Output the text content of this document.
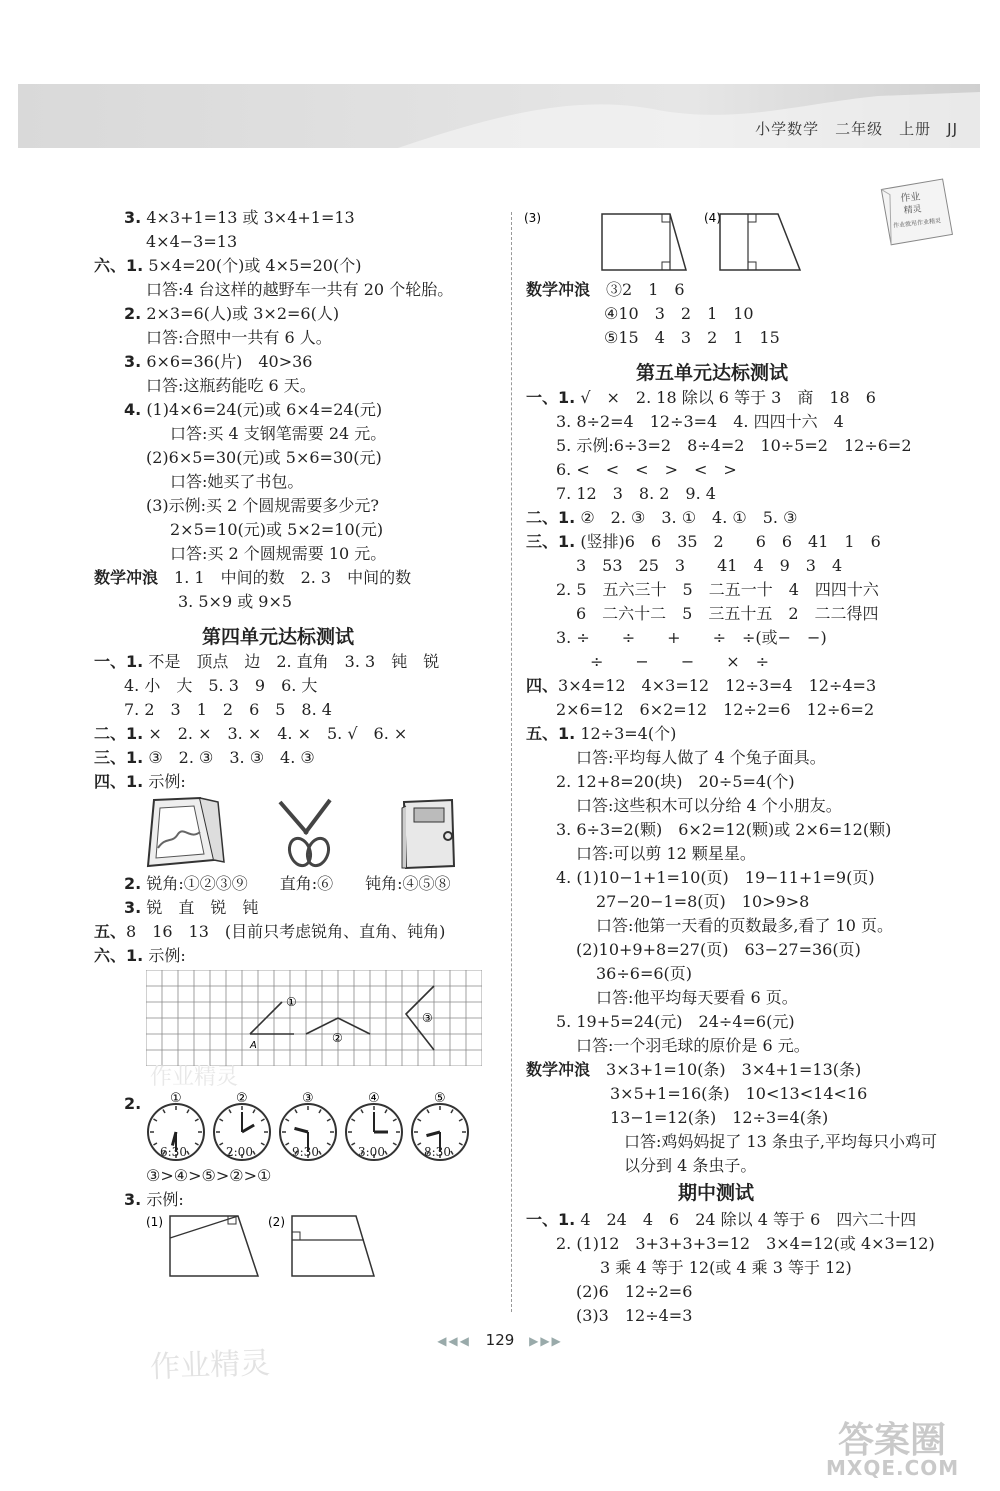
小学数学　二年级　上册　JJ
作业
精灵
作业就用作业精灵
3. 4×3+1=13 或 3×4+1=13
4×4−3=13
六、1. 5×4=20(个)或 4×5=20(个)
口答:4 台这样的越野车一共有 20 个轮胎。
2. 2×3=6(人)或 3×2=6(人)
口答:合照中一共有 6 人。
3. 6×6=36(片)　40>36
口答:这瓶药能吃 6 天。
4. (1)4×6=24(元)或 6×4=24(元)
口答:买 4 支钢笔需要 24 元。
(2)6×5=30(元)或 5×6=30(元)
口答:她买了书包。
(3)示例:买 2 个圆规需要多少元?
2×5=10(元)或 5×2=10(元)
口答:买 2 个圆规需要 10 元。
数学冲浪　 1. 1　中间的数　2. 3　中间的数
3. 5×9 或 9×5
第四单元达标测试
一、1. 不是　顶点　边　2. 直角　3. 3　钝　锐
4. 小　大　5. 3　9　6. 大
7. 2　3　1　2　6　5　8. 4
二、1. ×　2. ×　3. ×　4. ×　5. √　6. ×
三、1. ③　2. ③　3. ③　4. ③
四、1. 示例:
2. 锐角:①②③⑨　　直角:⑥　　钝角:④⑤⑧
3. 锐　直　锐　钝
五、8　16　13　(目前只考虑锐角、直角、钝角)
六、1. 示例:
①
A
②
③
2. ①	②	③	④	⑤
6:30	2:00	9:30	3:00	8:30
③>④>⑤>②>①
3. 示例:
(1)	(2)
(3)	(4)
数学冲浪　 ③2　1　6
④10　3　2　1　10
⑤15　4　3　2　1　15
第五单元达标测试
一、1. √　×　2. 18 除以 6 等于 3　商　18　6
3. 8÷2=4　12÷3=4　4. 四四十六　4
5. 示例:6÷3=2　8÷4=2　10÷5=2　12÷6=2
6. <　<　<　>　<　>
7. 12　3　8. 2　9. 4
二、1. ②　2. ③　3. ①　4. ①　5. ③
三、1. (竖排)6　6　35　2　　6　6　41　1　6
3　53　25　3　　41　4　9　3　4
2. 5　五六三十　5　二五一十　4　四四十六
6　二六十二　5　三五十五　2　二二得四
3. ÷　　÷　　+　　÷　÷(或−　−)
÷　　−　　−　　×　÷
四、3×4=12　4×3=12　12÷3=4　12÷4=3
2×6=12　6×2=12　12÷2=6　12÷6=2
五、1. 12÷3=4(个)
口答:平均每人做了 4 个兔子面具。
2. 12+8=20(块)　20÷5=4(个)
口答:这些积木可以分给 4 个小朋友。
3. 6÷3=2(颗)　6×2=12(颗)或 2×6=12(颗)
口答:可以剪 12 颗星星。
4. (1)10−1+1=10(页)　19−11+1=9(页)
27−20−1=8(页)　10>9>8
口答:他第一天看的页数最多,看了 10 页。
(2)10+9+8=27(页)　63−27=36(页)
36÷6=6(页)
口答:他平均每天要看 6 页。
5. 19+5=24(元)　24÷4=6(元)
口答:一个羽毛球的原价是 6 元。
数学冲浪　 3×3+1=10(条)　3×4+1=13(条)
3×5+1=16(条)　10<13<14<16
13−1=12(条)　12÷3=4(条)
口答:鸡妈妈捉了 13 条虫子,平均每只小鸡可
以分到 4 条虫子。
期中测试
一、1. 4　24　4　6　24 除以 4 等于 6　四六二十四
2. (1)12　3+3+3+3=12　3×4=12(或 4×3=12)
3 乘 4 等于 12(或 4 乘 3 等于 12)
(2)6　12÷2=6
(3)3　12÷4=3
◀◀◀ 129 ▶▶▶
作业精灵
作业精灵
答案圈
MXQE.COM
